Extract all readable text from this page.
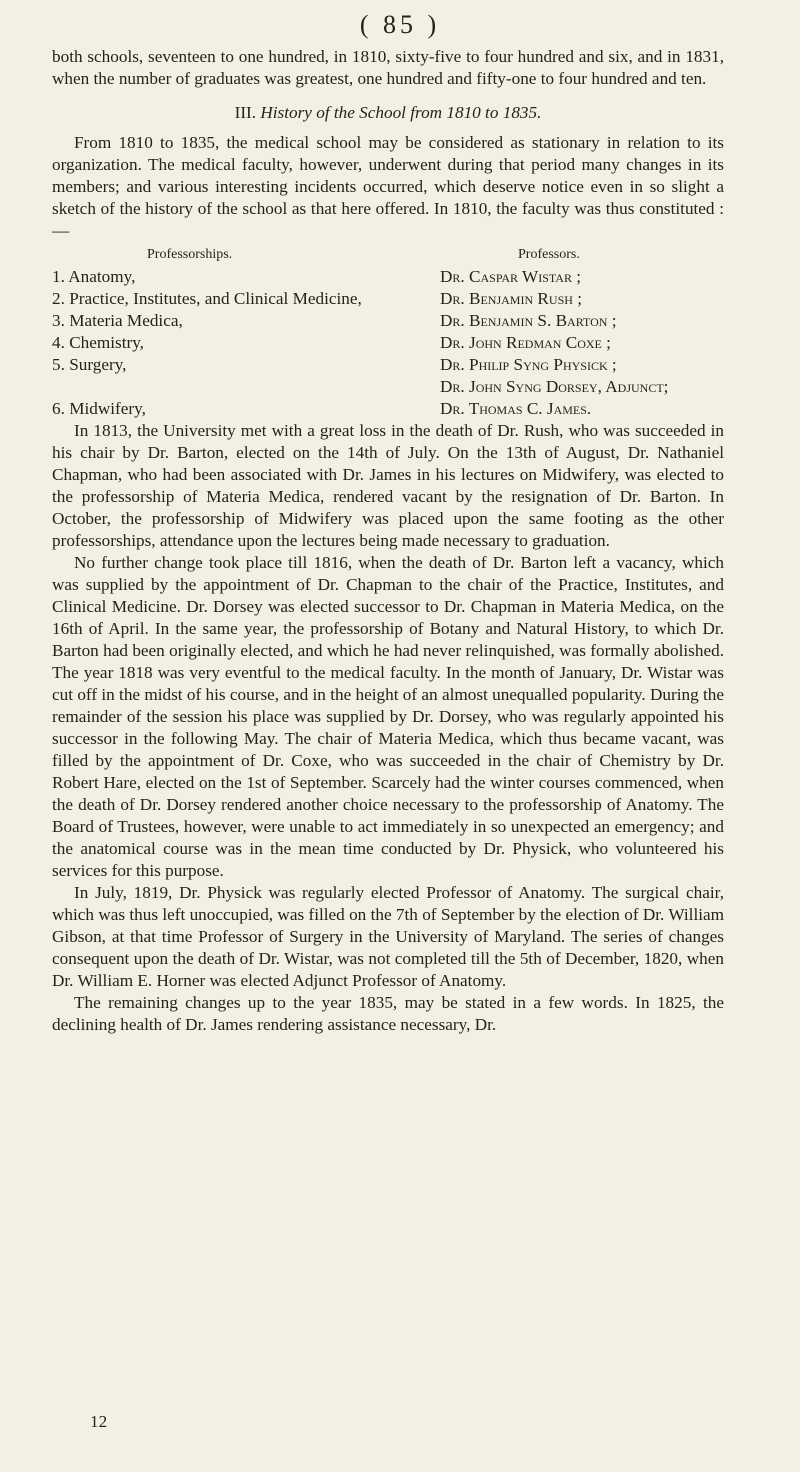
( 85 )

both schools, seventeen to one hundred, in 1810, sixty-five to four hundred and six, and in 1831, when the number of graduates was greatest, one hundred and fifty-one to four hundred and ten.

III. History of the School from 1810 to 1835.

From 1810 to 1835, the medical school may be considered as stationary in relation to its organization. The medical faculty, however, underwent during that period many changes in its members; and various interesting incidents occurred, which deserve notice even in so slight a sketch of the history of the school as that here offered. In 1810, the faculty was thus constituted :—

Professorships.	Professors.
1. Anatomy,	Dr. Caspar Wistar ;
2. Practice, Institutes, and Clinical Medicine,	Dr. Benjamin Rush ;
3. Materia Medica,	Dr. Benjamin S. Barton ;
4. Chemistry,	Dr. John Redman Coxe ;
5. Surgery,	Dr. Philip Syng Physick ;
Dr. John Syng Dorsey, Adjunct;
6. Midwifery,	Dr. Thomas C. James.

In 1813, the University met with a great loss in the death of Dr. Rush, who was succeeded in his chair by Dr. Barton, elected on the 14th of July. On the 13th of August, Dr. Nathaniel Chapman, who had been associated with Dr. James in his lectures on Midwifery, was elected to the professorship of Materia Medica, rendered vacant by the resignation of Dr. Barton. In October, the professorship of Midwifery was placed upon the same footing as the other professorships, attendance upon the lectures being made necessary to graduation.

No further change took place till 1816, when the death of Dr. Barton left a vacancy, which was supplied by the appointment of Dr. Chapman to the chair of the Practice, Institutes, and Clinical Medicine. Dr. Dorsey was elected successor to Dr. Chapman in Materia Medica, on the 16th of April. In the same year, the professorship of Botany and Natural History, to which Dr. Barton had been originally elected, and which he had never relinquished, was formally abolished. The year 1818 was very eventful to the medical faculty. In the month of January, Dr. Wistar was cut off in the midst of his course, and in the height of an almost unequalled popularity. During the remainder of the session his place was supplied by Dr. Dorsey, who was regularly appointed his successor in the following May. The chair of Materia Medica, which thus became vacant, was filled by the appointment of Dr. Coxe, who was succeeded in the chair of Chemistry by Dr. Robert Hare, elected on the 1st of September. Scarcely had the winter courses commenced, when the death of Dr. Dorsey rendered another choice necessary to the professorship of Anatomy. The Board of Trustees, however, were unable to act immediately in so unexpected an emergency; and the anatomical course was in the mean time conducted by Dr. Physick, who volunteered his services for this purpose.

In July, 1819, Dr. Physick was regularly elected Professor of Anatomy. The surgical chair, which was thus left unoccupied, was filled on the 7th of September by the election of Dr. William Gibson, at that time Professor of Surgery in the University of Maryland. The series of changes consequent upon the death of Dr. Wistar, was not completed till the 5th of December, 1820, when Dr. William E. Horner was elected Adjunct Professor of Anatomy.

The remaining changes up to the year 1835, may be stated in a few words. In 1825, the declining health of Dr. James rendering assistance necessary, Dr.

12
